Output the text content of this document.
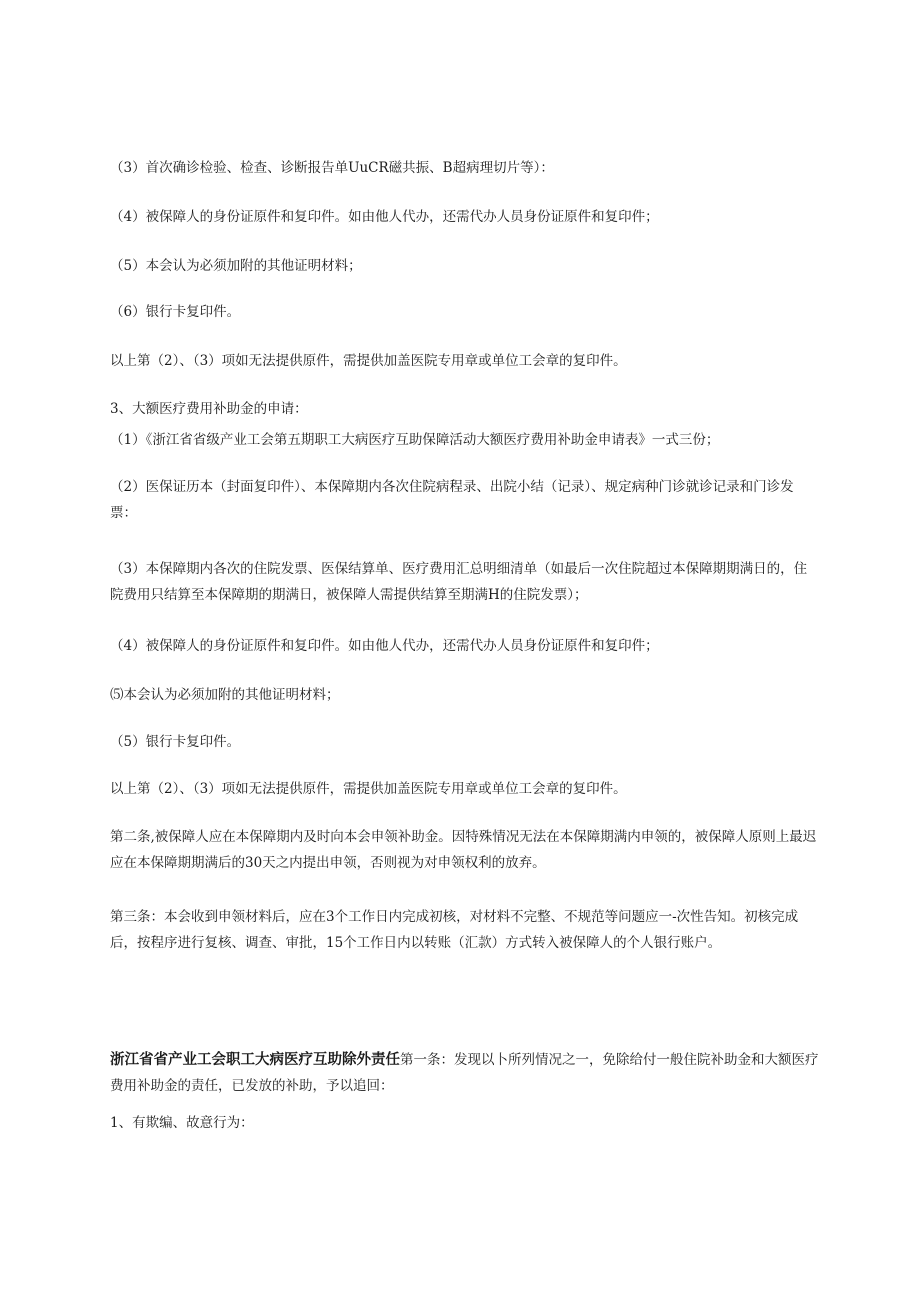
（3）首次确诊检验、检查、诊断报告单UuCR磁共振、B超病理切片等）：
（4）被保障人的身份证原件和复印件。如由他人代办，还需代办人员身份证原件和复印件；
（5）本会认为必须加附的其他证明材料；
（6）银行卡复印件。
以上第（2）、（3）项如无法提供原件，需提供加盖医院专用章或单位工会章的复印件。
3、大额医疗费用补助金的申请：
（1）《浙江省省级产业工会第五期职工大病医疗互助保障活动大额医疗费用补助金申请表》一式三份；
（2）医保证历本（封面复印件）、本保障期内各次住院病程录、出院小结（记录）、规定病种门诊就诊记录和门诊发票：
（3）本保障期内各次的住院发票、医保结算单、医疗费用汇总明细清单（如最后一次住院超过本保障期期满日的，住院费用只结算至本保障期的期满日，被保障人需提供结算至期满H的住院发票）；
（4）被保障人的身份证原件和复印件。如由他人代办，还需代办人员身份证原件和复印件；
⑸本会认为必须加附的其他证明材料；
（5）银行卡复印件。
以上第（2）、（3）项如无法提供原件，需提供加盖医院专用章或单位工会章的复印件。
第二条,被保障人应在本保障期内及时向本会申领补助金。因特殊情况无法在本保障期满内申领的，被保障人原则上最迟应在本保障期期满后的30天之内提出申领，否则视为对申领权利的放弃。
第三条：本会收到申领材料后，应在3个工作日内完成初核，对材料不完整、不规范等问题应一-次性告知。初核完成后，按程序进行复核、调查、审批，15个工作日内以转账（汇款）方式转入被保障人的个人银行账户。
浙江省省产业工会职工大病医疗互助除外责任第一条：发现以卜所列情况之一，免除给付一般住院补助金和大额医疗费用补助金的责任，已发放的补助，予以追回：
1、有欺编、故意行为：
